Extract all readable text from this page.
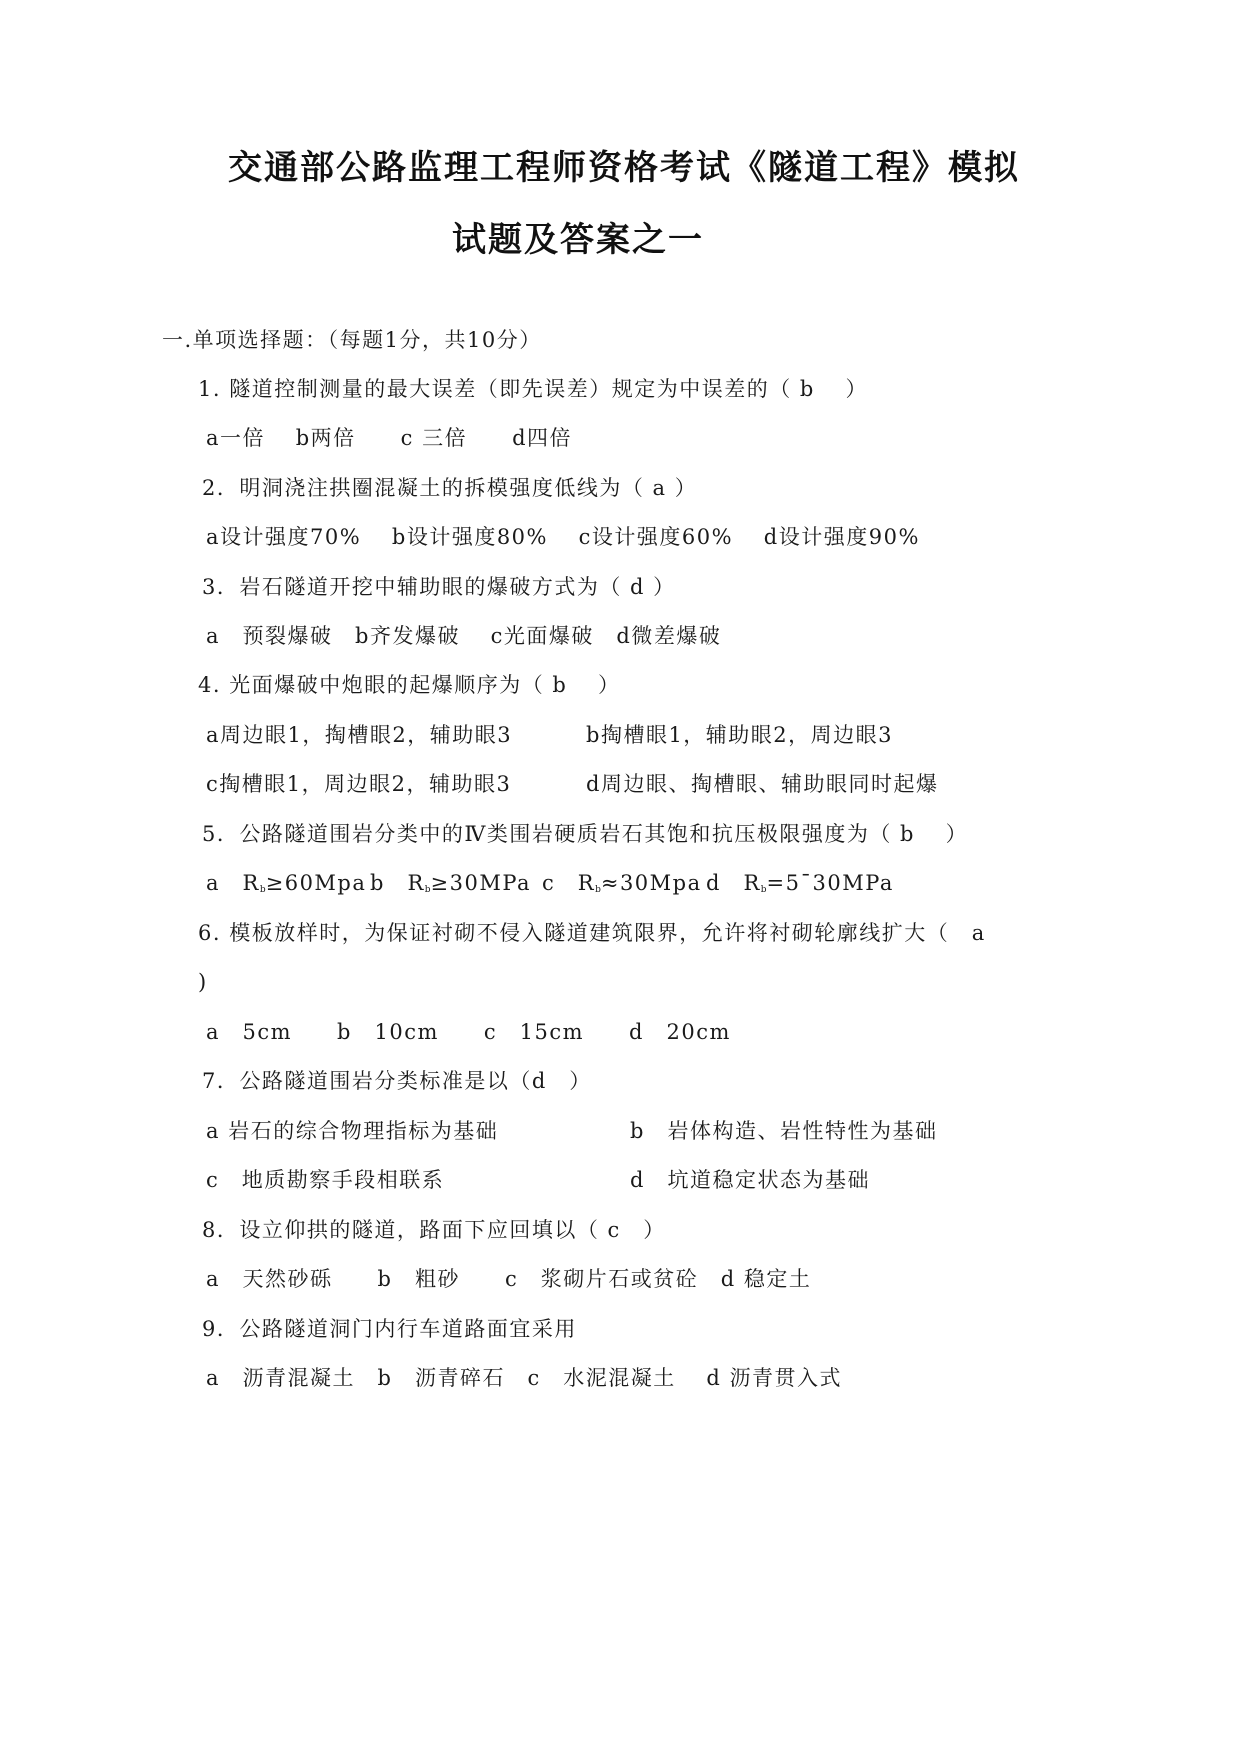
交通部公路监理工程师资格考试《隧道工程》模拟
试题及答案之一
一.单项选择题：（每题1分，共10分）
1. 隧道控制测量的最大误差（即先误差）规定为中误差的（ b　 ）
a一倍　 b两倍　　c 三倍　　d四倍
2．明洞浇注拱圈混凝土的拆模强度低线为（ a ）
a设计强度70%　 b设计强度80%　 c设计强度60%　 d设计强度90%
3．岩石隧道开挖中辅助眼的爆破方式为（ d ）
a　预裂爆破　b齐发爆破　 c光面爆破　d微差爆破
4. 光面爆破中炮眼的起爆顺序为（ b　 ）
a周边眼1，掏槽眼2，辅助眼3	b掏槽眼1，辅助眼2，周边眼3
c掏槽眼1，周边眼2，辅助眼3	d周边眼、掏槽眼、辅助眼同时起爆
5．公路隧道围岩分类中的Ⅳ类围岩硬质岩石其饱和抗压极限强度为（ b　 ）
a　$R_b\ge 60Mpa$ b　$R_b\ge 30MPa$ c　$R_b\approx 30Mpa$ d　$R_b=5¯30MPa$
6. 模板放样时，为保证衬砌不侵入隧道建筑限界，允许将衬砌轮廓线扩大（　a
)
a　5cm　　b　10cm　　c　15cm　　d　20cm
7．公路隧道围岩分类标准是以（d　）
a 岩石的综合物理指标为基础	b　岩体构造、岩性特性为基础
c　地质勘察手段相联系	d　坑道稳定状态为基础
8．设立仰拱的隧道，路面下应回填以（ c　）
a　天然砂砾　　b　粗砂　　c　浆砌片石或贫砼　d 稳定土
9．公路隧道洞门内行车道路面宜采用
a　沥青混凝土　b　沥青碎石　c　水泥混凝土　 d 沥青贯入式
